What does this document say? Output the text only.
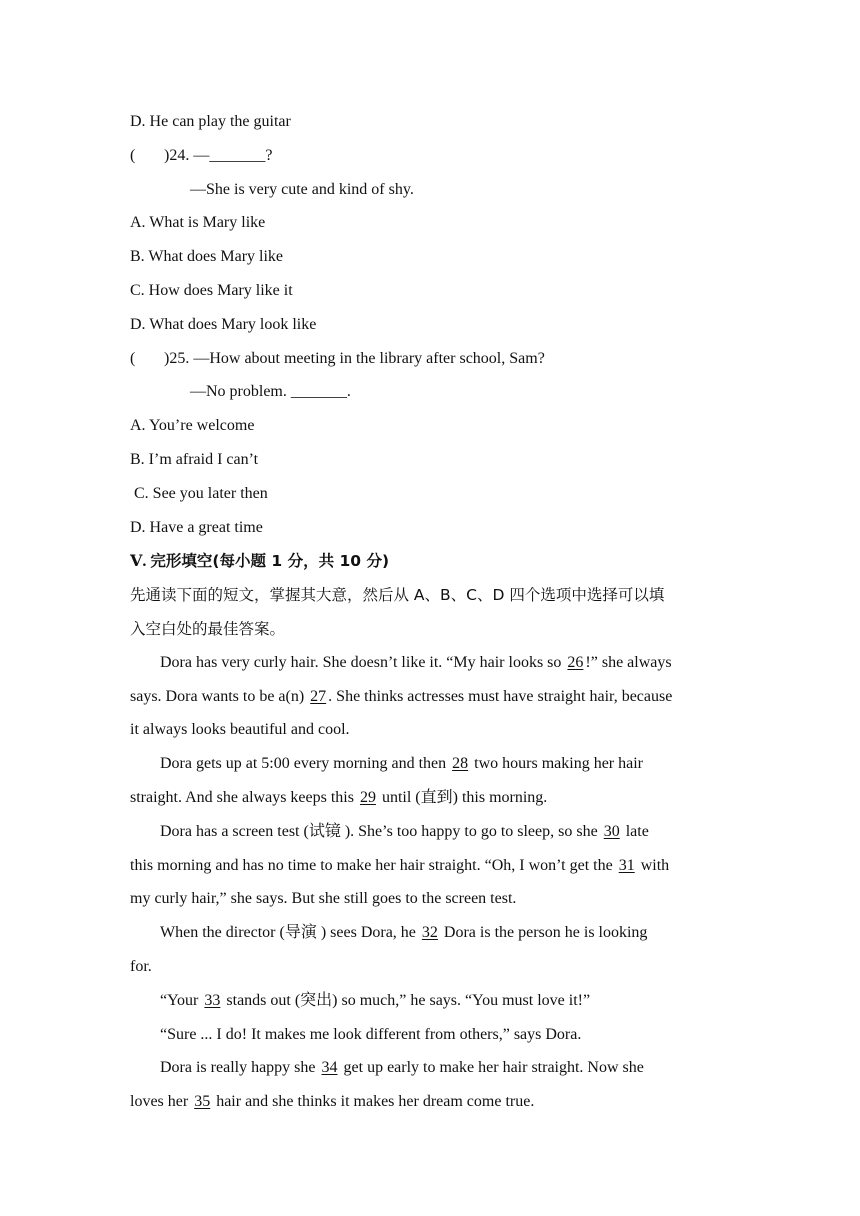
D. He can play the guitar
( )24. —_______?
—She is very cute and kind of shy.
A. What is Mary like
B. What does Mary like
C. How does Mary like it
D. What does Mary look like
( )25. —How about meeting in the library after school, Sam?
—No problem. _______.
A. You’re welcome
B. I’m afraid I can’t
C. See you later then
D. Have a great time
Ⅴ. 完形填空(每小题 1 分，共 10 分)
先通读下面的短文，掌握其大意，然后从 A、B、C、D 四个选项中选择可以填
入空白处的最佳答案。
Dora has very curly hair. She doesn’t like it. “My hair looks so 26 !” she always
says. Dora wants to be a(n) 27 . She thinks actresses must have straight hair, because
it always looks beautiful and cool.
Dora gets up at 5:00 every morning and then 28 two hours making her hair
straight. And she always keeps this 29 until (直到) this morning.
Dora has a screen test (试镜 ). She’s too happy to go to sleep, so she 30 late
this morning and has no time to make her hair straight. “Oh, I won’t get the 31 with
my curly hair,” she says. But she still goes to the screen test.
When the director (导演 ) sees Dora, he 32 Dora is the person he is looking
for.
“Your 33 stands out (突出) so much,” he says. “You must love it!”
“Sure ... I do! It makes me look different from others,” says Dora.
Dora is really happy she 34 get up early to make her hair straight. Now she
loves her 35 hair and she thinks it makes her dream come true.
